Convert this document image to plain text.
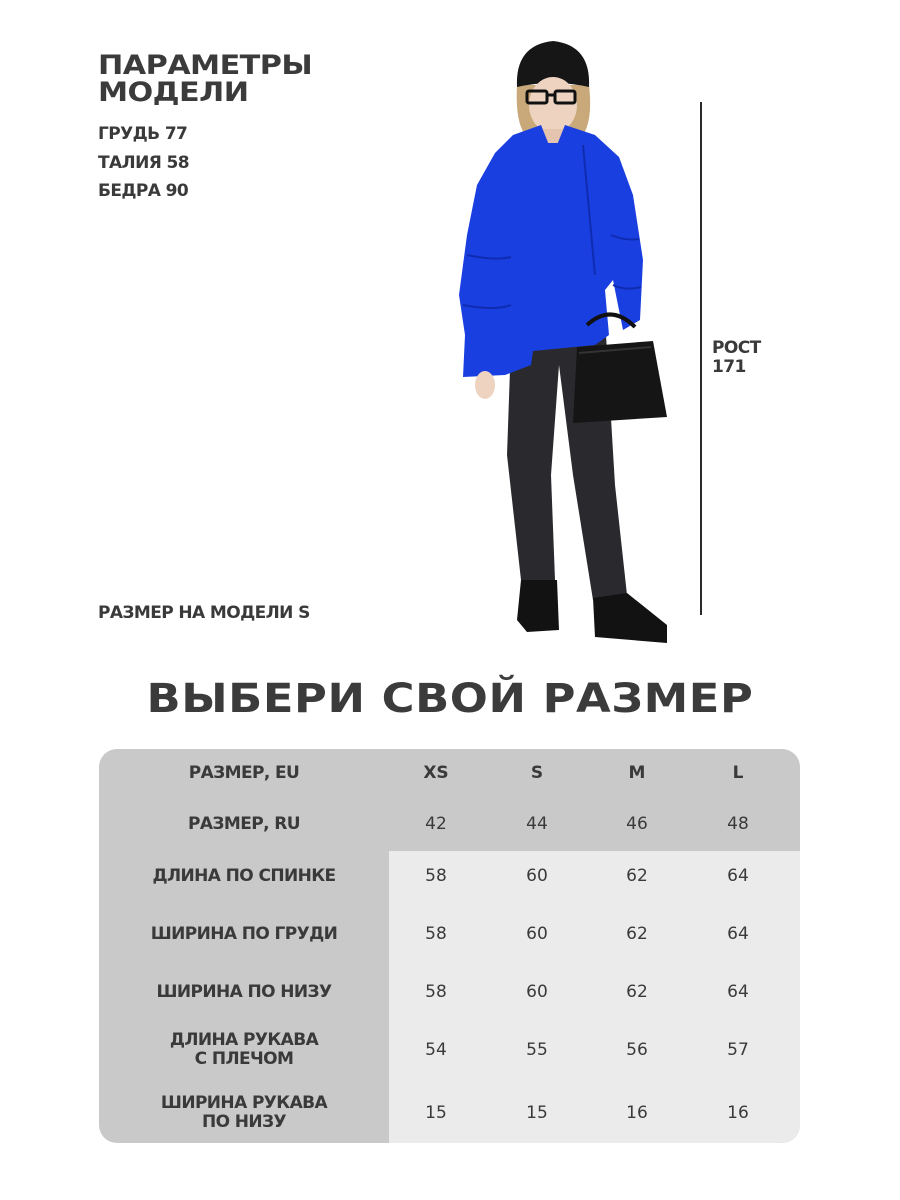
ПАРАМЕТРЫ
МОДЕЛИ
ГРУДЬ 77
ТАЛИЯ 58
БЕДРА 90
РАЗМЕР НА МОДЕЛИ S
РОСТ
171
ВЫБЕРИ СВОЙ РАЗМЕР
РАЗМЕР, EU	XS	S	M	L
РАЗМЕР, RU	42	44	46	48
ДЛИНА ПО СПИНКЕ	58	60	62	64
ШИРИНА ПО ГРУДИ	58	60	62	64
ШИРИНА ПО НИЗУ	58	60	62	64
ДЛИНА РУКАВА
С ПЛЕЧОМ	54	55	56	57
ШИРИНА РУКАВА
ПО НИЗУ	15	15	16	16
